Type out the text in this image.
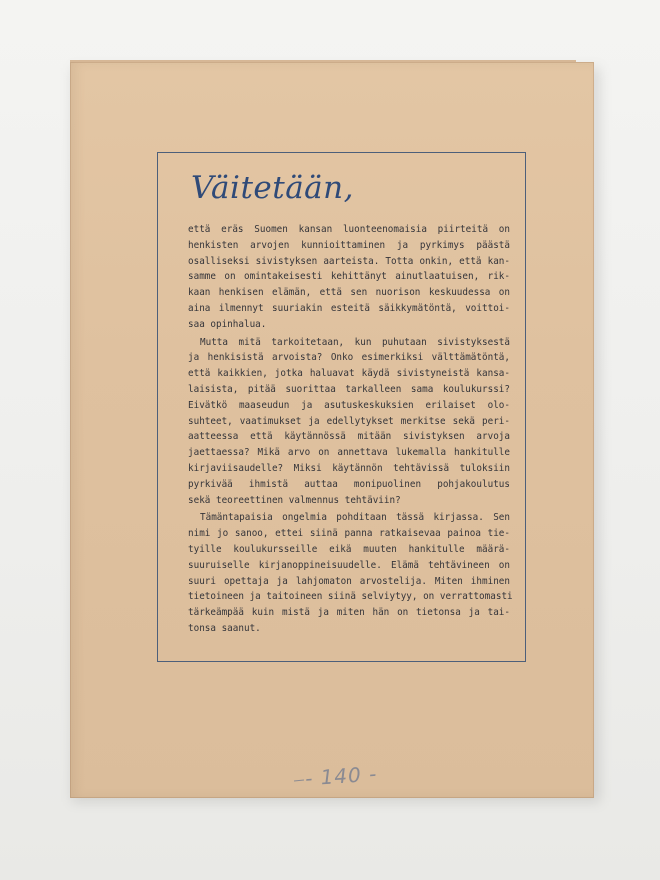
Väitetään,

että eräs Suomen kansan luonteenomaisia piirteitä on
henkisten arvojen kunnioittaminen ja pyrkimys päästä
osalliseksi sivistyksen aarteista. Totta onkin, että kan-
samme on omintakeisesti kehittänyt ainutlaatuisen, rik-
kaan henkisen elämän, että sen nuorison keskuudessa on
aina ilmennyt suuriakin esteitä säikkymätöntä, voittoi-
saa opinhalua.

Mutta mitä tarkoitetaan, kun puhutaan sivistyksestä
ja henkisistä arvoista? Onko esimerkiksi välttämätöntä,
että kaikkien, jotka haluavat käydä sivistyneistä kansa-
laisista, pitää suorittaa tarkalleen sama koulukurssi?
Eivätkö maaseudun ja asutuskeskuksien erilaiset olo-
suhteet, vaatimukset ja edellytykset merkitse sekä peri-
aatteessa että käytännössä mitään sivistyksen arvoja
jaettaessa? Mikä arvo on annettava lukemalla hankitulle
kirjaviisaudelle? Miksi käytännön tehtävissä tuloksiin
pyrkivää ihmistä auttaa monipuolinen pohjakoulutus
sekä teoreettinen valmennus tehtäviin?

Tämäntapaisia ongelmia pohditaan tässä kirjassa. Sen
nimi jo sanoo, ettei siinä panna ratkaisevaa painoa tie-
tyille koulukursseille eikä muuten hankitulle määrä-
suuruiselle kirjanoppineisuudelle. Elämä tehtävineen on
suuri opettaja ja lahjomaton arvostelija. Miten ihminen
tietoineen ja taitoineen siinä selviytyy, on verrattomasti
tärkeämpää kuin mistä ja miten hän on tietonsa ja tai-
tonsa saanut.

- 140 -
